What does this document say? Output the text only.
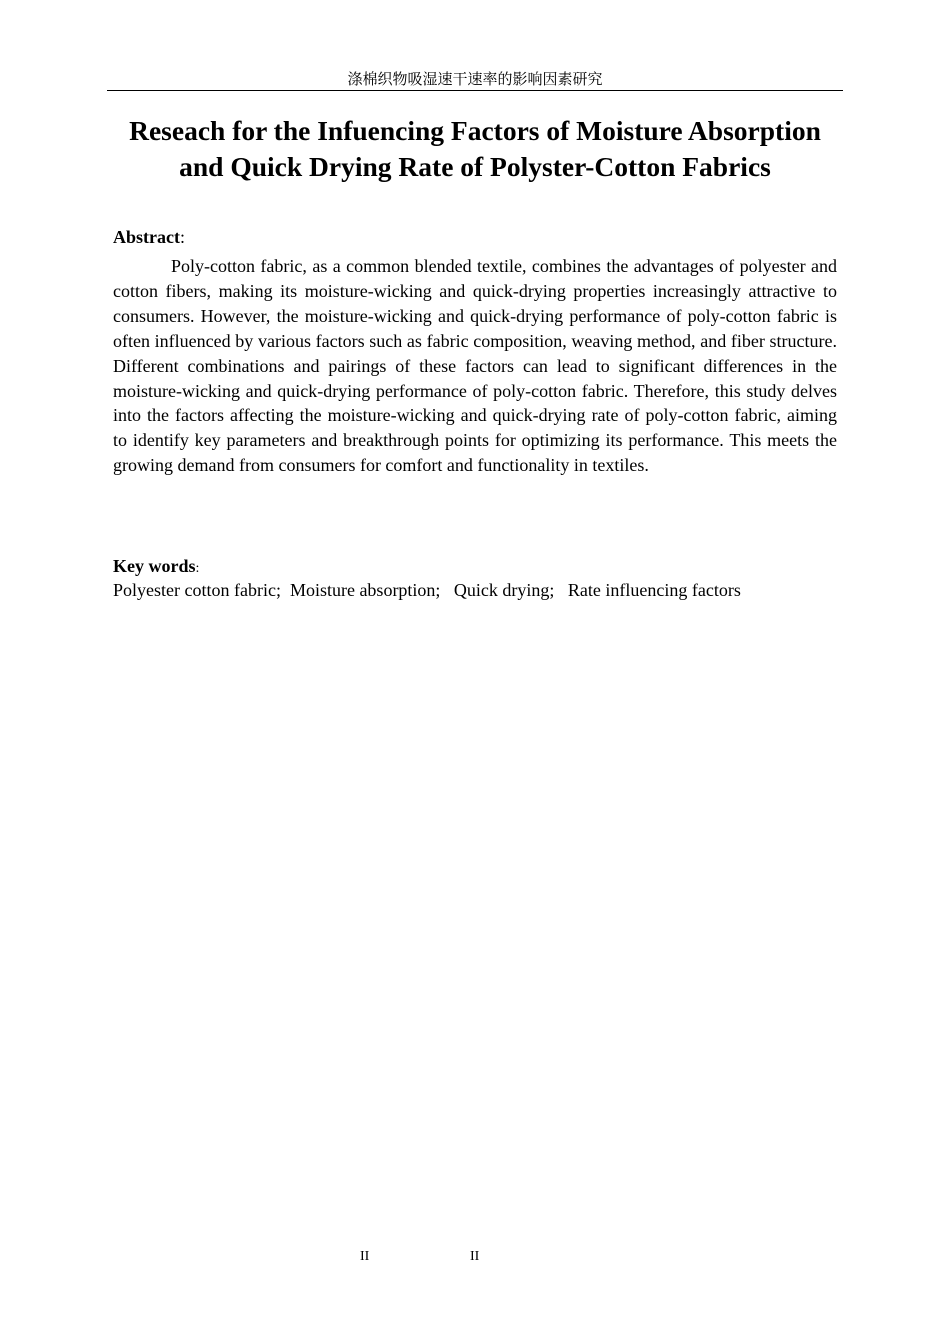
涤棉织物吸湿速干速率的影响因素研究
Reseach for the Infuencing Factors of Moisture Absorption
and Quick Drying Rate of Polyster-Cotton Fabrics
Abstract:

Poly-cotton fabric, as a common blended textile, combines the advantages of polyester and cotton fibers, making its moisture-wicking and quick-drying properties increasingly attractive to consumers. However, the moisture-wicking and quick-drying performance of poly-cotton fabric is often influenced by various factors such as fabric composition, weaving method, and fiber structure. Different combinations and pairings of these factors can lead to significant differences in the moisture-wicking and quick-drying performance of poly-cotton fabric. Therefore, this study delves into the factors affecting the moisture-wicking and quick-drying rate of poly-cotton fabric, aiming to identify key parameters and breakthrough points for optimizing its performance. This meets the growing demand from consumers for comfort and functionality in textiles.

Key words:
Polyester cotton fabric;  Moisture absorption;   Quick drying;   Rate influencing factors
II	II
